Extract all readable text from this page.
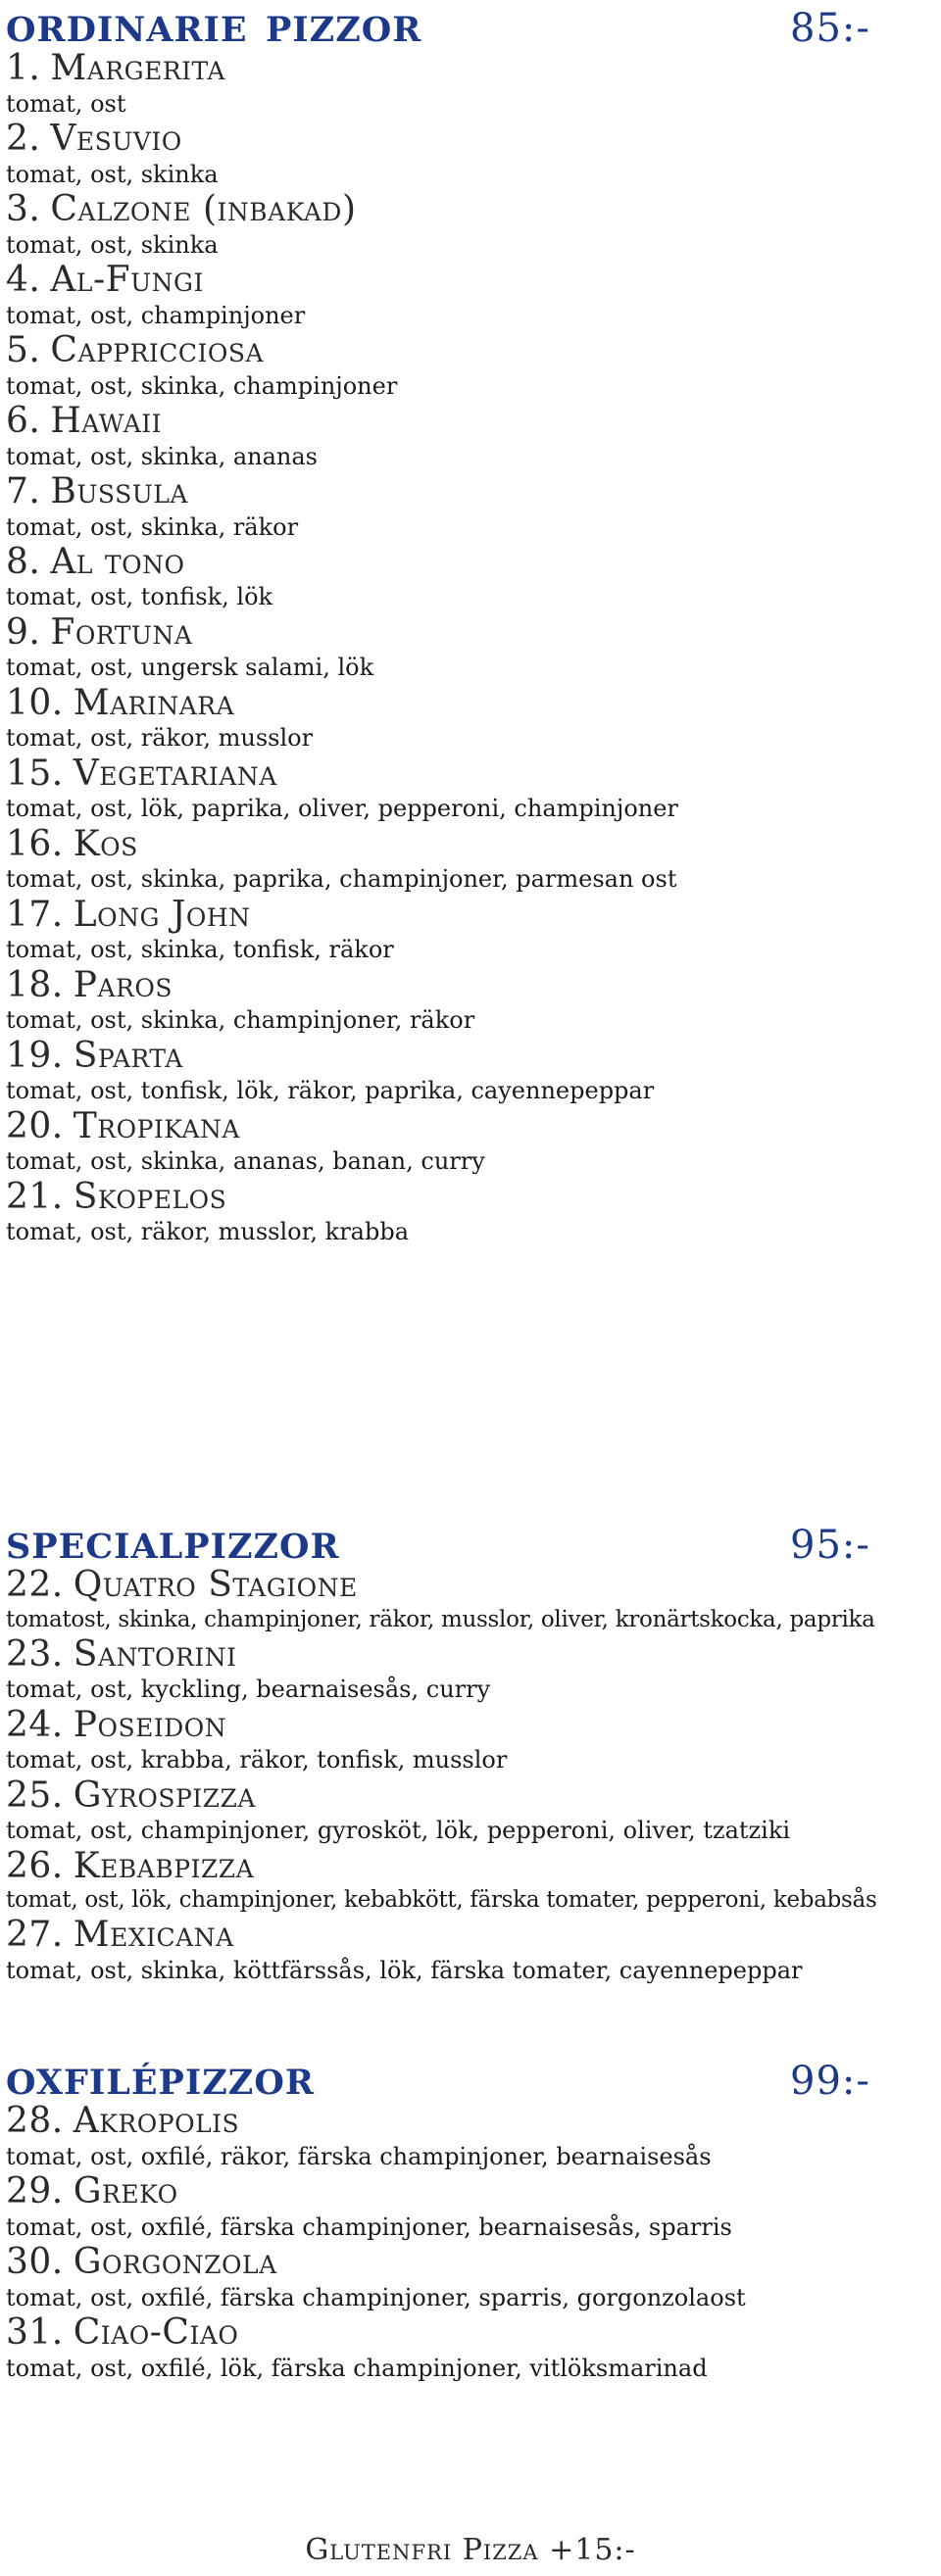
ordinarie pizzor	85:-
1. Margerita
tomat, ost
2. Vesuvio
tomat, ost, skinka
3. Calzone (inbakad)
tomat, ost, skinka
4. Al-Fungi
tomat, ost, champinjoner
5. Cappricciosa
tomat, ost, skinka, champinjoner
6. Hawaii
tomat, ost, skinka, ananas
7. Bussula
tomat, ost, skinka, räkor
8. Al tono
tomat, ost, tonfisk, lök
9. Fortuna
tomat, ost, ungersk salami, lök
10. Marinara
tomat, ost, räkor, musslor
15. Vegetariana
tomat, ost, lök, paprika, oliver, pepperoni, champinjoner
16. Kos
tomat, ost, skinka, paprika, champinjoner, parmesan ost
17. Long John
tomat, ost, skinka, tonfisk, räkor
18. Paros
tomat, ost, skinka, champinjoner, räkor
19. Sparta
tomat, ost, tonfisk, lök, räkor, paprika, cayennepeppar
20. Tropikana
tomat, ost, skinka, ananas, banan, curry
21. Skopelos
tomat, ost, räkor, musslor, krabba
specialpizzor	95:-
22. Quatro Stagione
tomatost, skinka, champinjoner, räkor, musslor, oliver, kronärtskocka, paprika
23. Santorini
tomat, ost, kyckling, bearnaisesås, curry
24. Poseidon
tomat, ost, krabba, räkor, tonfisk, musslor
25. Gyrospizza
tomat, ost, champinjoner, gyrosköt, lök, pepperoni, oliver, tzatziki
26. Kebabpizza
tomat, ost, lök, champinjoner, kebabkött, färska tomater, pepperoni, kebabsås
27. Mexicana
tomat, ost, skinka, köttfärssås, lök, färska tomater, cayennepeppar
oxfilépizzor	99:-
28. Akropolis
tomat, ost, oxfilé, räkor, färska champinjoner, bearnaisesås
29. Greko
tomat, ost, oxfilé, färska champinjoner, bearnaisesås, sparris
30. Gorgonzola
tomat, ost, oxfilé, färska champinjoner, sparris, gorgonzolaost
31. Ciao-Ciao
tomat, ost, oxfilé, lök, färska champinjoner, vitlöksmarinad
Glutenfri Pizza +15:-
